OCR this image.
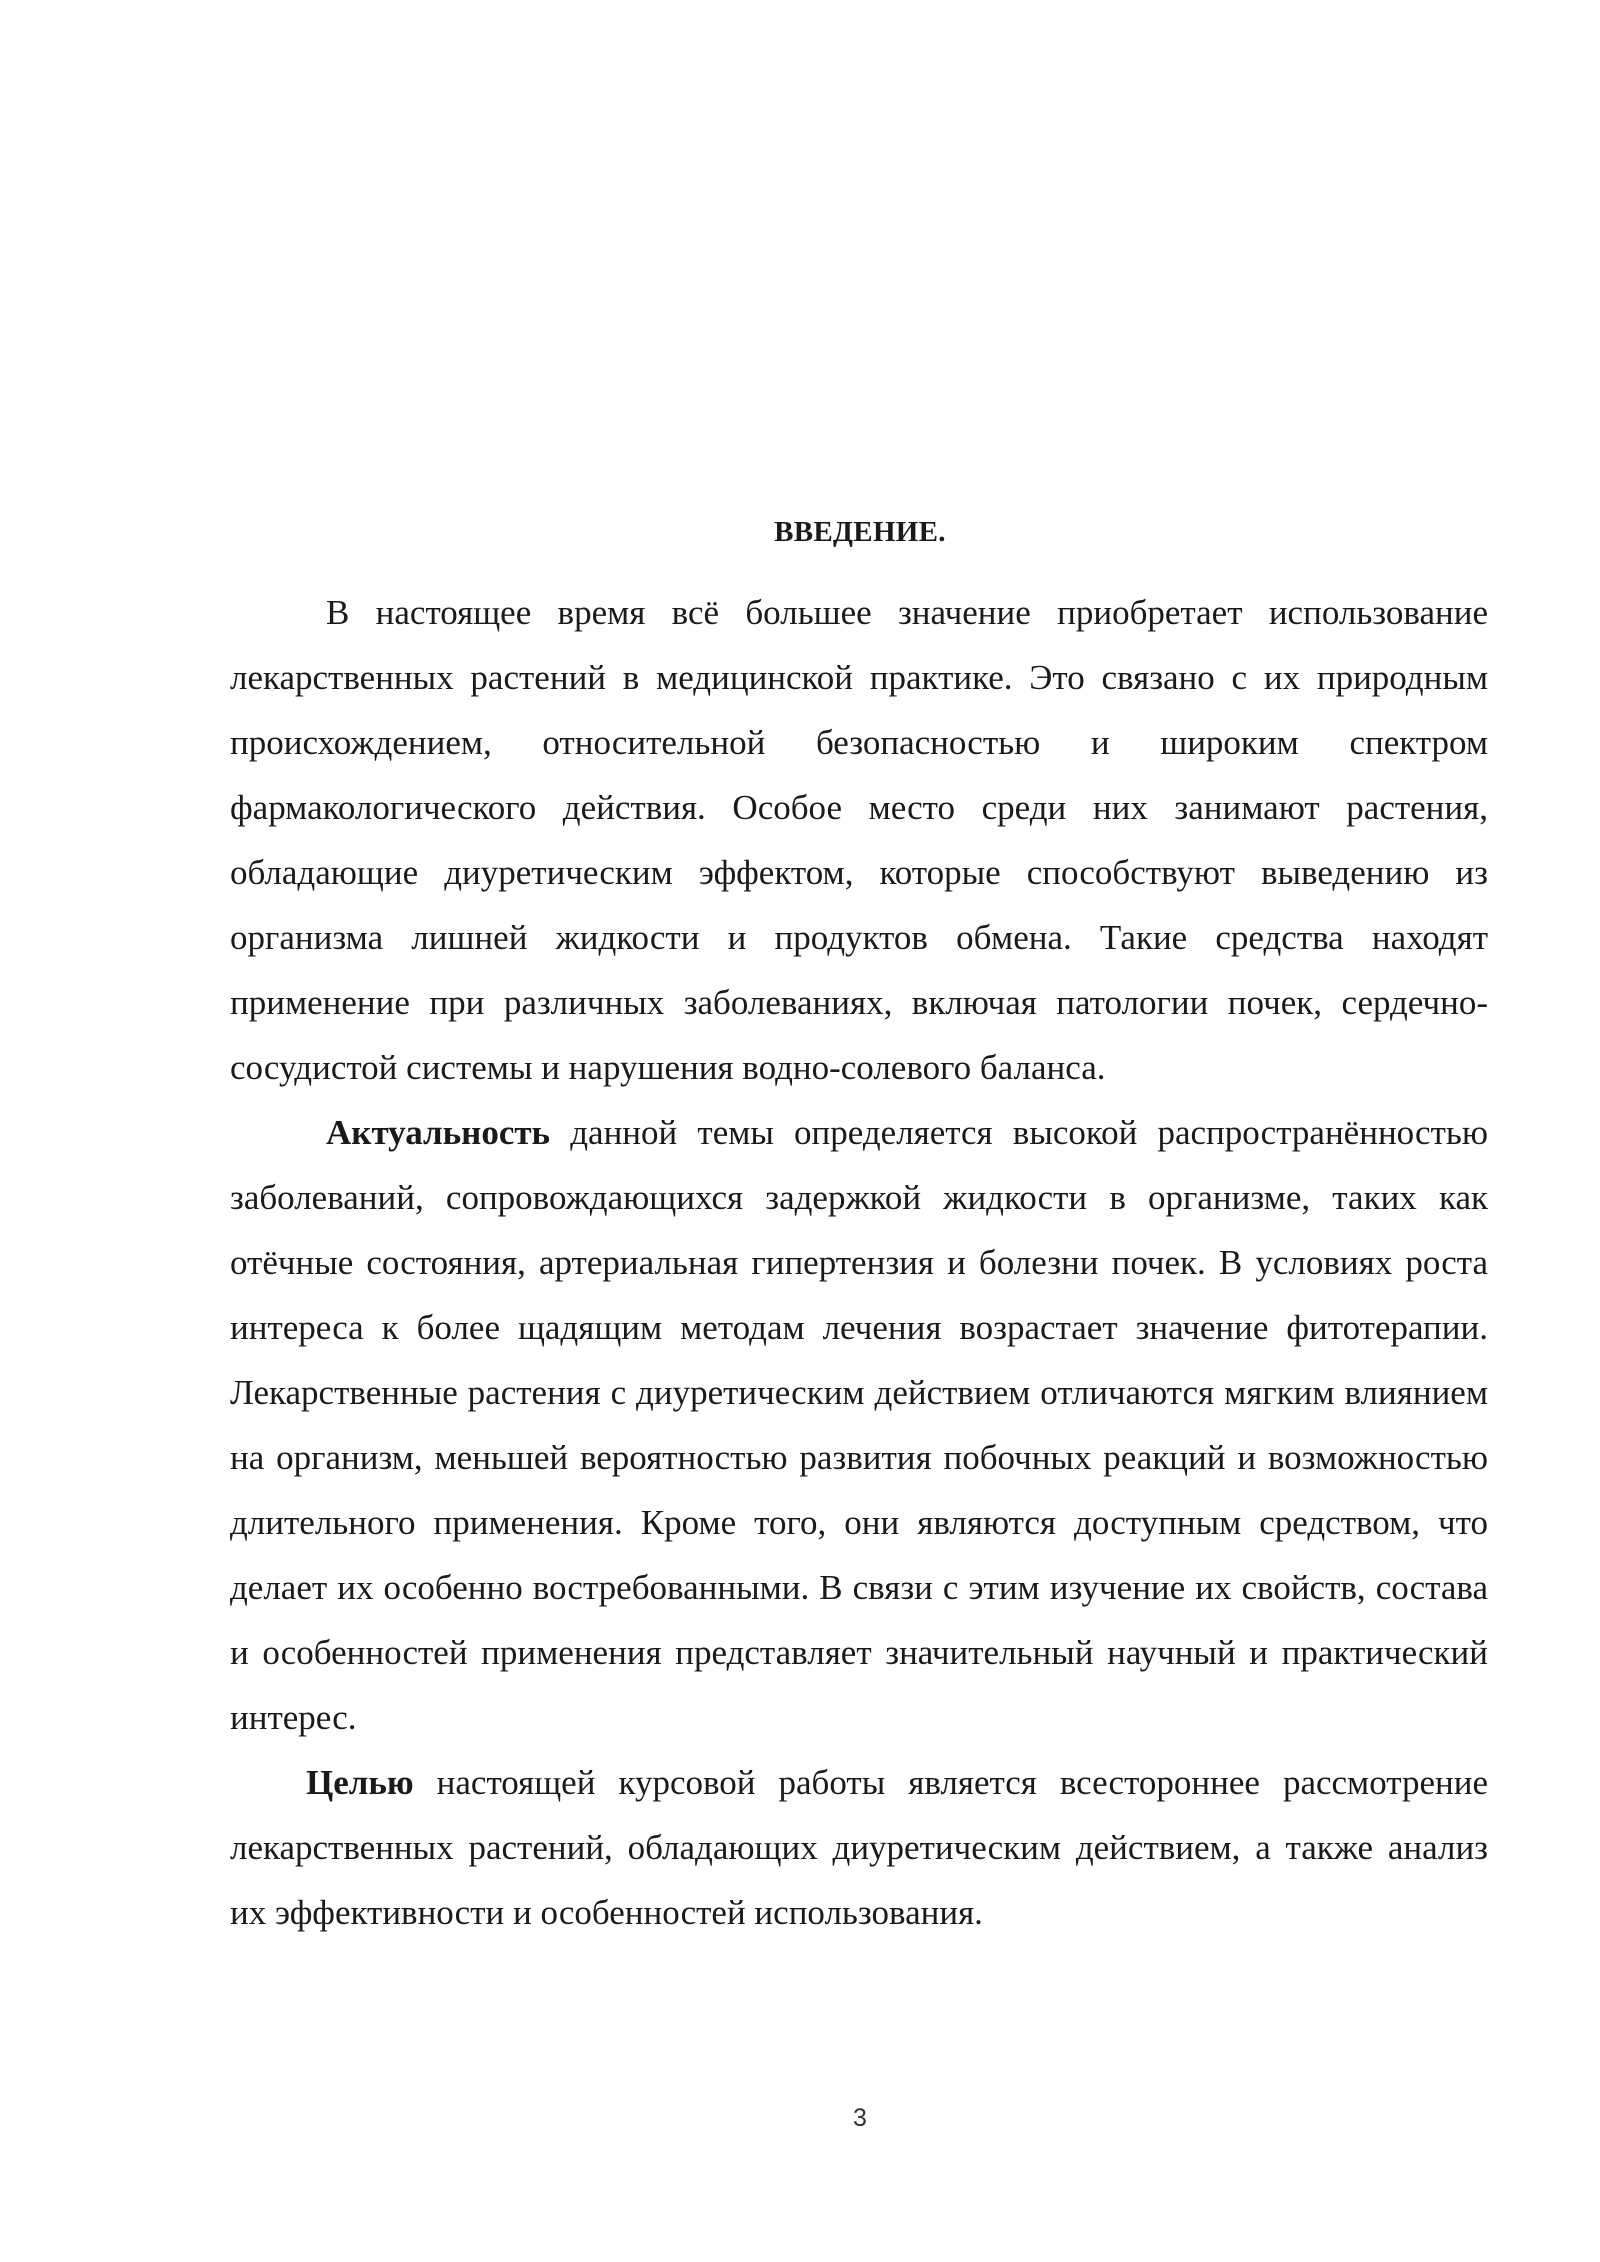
ВВЕДЕНИЕ.

В настоящее время всё большее значение приобретает использование лекарственных растений в медицинской практике. Это связано с их природным происхождением, относительной безопасностью и широким спектром фармакологического действия. Особое место среди них занимают растения, обладающие диуретическим эффектом, которые способствуют выведению из организма лишней жидкости и продуктов обмена. Такие средства находят применение при различных заболеваниях, включая патологии почек, сердечно-сосудистой системы и нарушения водно-солевого баланса.

Актуальность данной темы определяется высокой распространённостью заболеваний, сопровождающихся задержкой жидкости в организме, таких как отёчные состояния, артериальная гипертензия и болезни почек. В условиях роста интереса к более щадящим методам лечения возрастает значение фитотерапии. Лекарственные растения с диуретическим действием отличаются мягким влиянием на организм, меньшей вероятностью развития побочных реакций и возможностью длительного применения. Кроме того, они являются доступным средством, что делает их особенно востребованными. В связи с этим изучение их свойств, состава и особенностей применения представляет значительный научный и практический интерес.

Целью настоящей курсовой работы является всестороннее рассмотрение лекарственных растений, обладающих диуретическим действием, а также анализ их эффективности и особенностей использования.

3
